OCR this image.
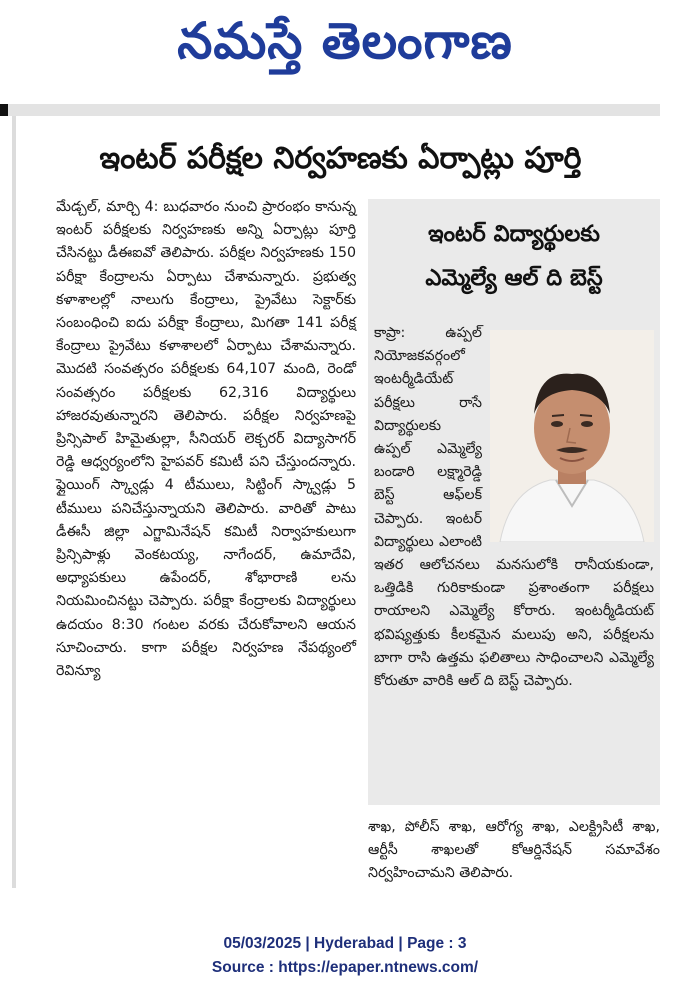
నమస్తే తెలంగాణ
ఇంటర్ పరీక్షల నిర్వహణకు ఏర్పాట్లు పూర్తి

మేడ్చల్, మార్చి 4: బుధవారం నుంచి ప్రారంభం కానున్న ఇంటర్ పరీక్షలకు నిర్వహణకు అన్ని ఏర్పాట్లు పూర్తి చేసినట్టు డీఈఐవో తెలిపారు. పరీక్షల నిర్వహణకు 150 పరీక్షా కేంద్రాలను ఏర్పాటు చేశామన్నారు. ప్రభుత్వ కళాశాలల్లో నాలుగు కేంద్రాలు, ప్రైవేటు సెక్టార్‌కు సంబంధించి ఐదు పరీక్షా కేంద్రాలు, మిగతా 141 పరీక్ష కేంద్రాలు ప్రైవేటు కళాశాలలో ఏర్పాటు చేశామన్నారు. మొదటి సంవత్సరం పరీక్షలకు 64,107 మంది, రెండో సంవత్సరం పరీక్షలకు 62,316 విద్యార్థులు హాజరవుతున్నారని తెలిపారు. పరీక్షల నిర్వహణపై ప్రిన్సిపాల్ హిమైతుల్లా, సీనియర్ లెక్చరర్ విద్యాసాగర్ రెడ్డి ఆధ్వర్యంలోని హైపవర్ కమిటీ పని చేస్తుందన్నారు. ఫ్లైయింగ్ స్క్వాడ్లు 4 టీములు, సిట్టింగ్ స్క్వాడ్లు 5 టీములు పనిచేస్తున్నాయని తెలిపారు. వారితో పాటు డీఈసీ జిల్లా ఎగ్జామినేషన్ కమిటీ నిర్వాహకులుగా ప్రిన్సిపాళ్లు వెంకటయ్య, నాగేందర్, ఉమాదేవి, అధ్యాపకులు ఉపేందర్, శోభారాణి లను నియమించినట్టు చెప్పారు. పరీక్షా కేంద్రాలకు విద్యార్థులు ఉదయం 8:30 గంటల వరకు చేరుకోవాలని ఆయన సూచించారు. కాగా పరీక్షల నిర్వహణ నేపథ్యంలో రెవిన్యూ

ఇంటర్ విద్యార్థులకు
ఎమ్మెల్యే ఆల్ ది బెస్ట్

కాప్రా: ఉప్పల్ నియోజకవర్గంలో ఇంటర్మీడియేట్ పరీక్షలు రాసే విద్యార్థులకు ఉప్పల్ ఎమ్మెల్యే బండారి లక్ష్మారెడ్డి బెస్ట్ ఆఫ్‌లక్ చెప్పారు. ఇంటర్ విద్యార్థులు ఎలాంటి ఇతర ఆలోచనలు మనసులోకి రానీయకుండా, ఒత్తిడికి గురికాకుండా ప్రశాంతంగా పరీక్షలు రాయాలని ఎమ్మెల్యే కోరారు. ఇంటర్మీడియట్ భవిష్యత్తుకు కీలకమైన మలుపు అని, పరీక్షలను బాగా రాసి ఉత్తమ ఫలితాలు సాధించాలని ఎమ్మెల్యే కోరుతూ వారికి ఆల్ ది బెస్ట్ చెప్పారు.

శాఖ, పోలీస్ శాఖ, ఆరోగ్య శాఖ, ఎలక్ట్రిసిటీ శాఖ, ఆర్టీసీ శాఖలతో కోఆర్డినేషన్ సమావేశం నిర్వహించామని తెలిపారు.

05/03/2025 | Hyderabad | Page : 3
Source : https://epaper.ntnews.com/
